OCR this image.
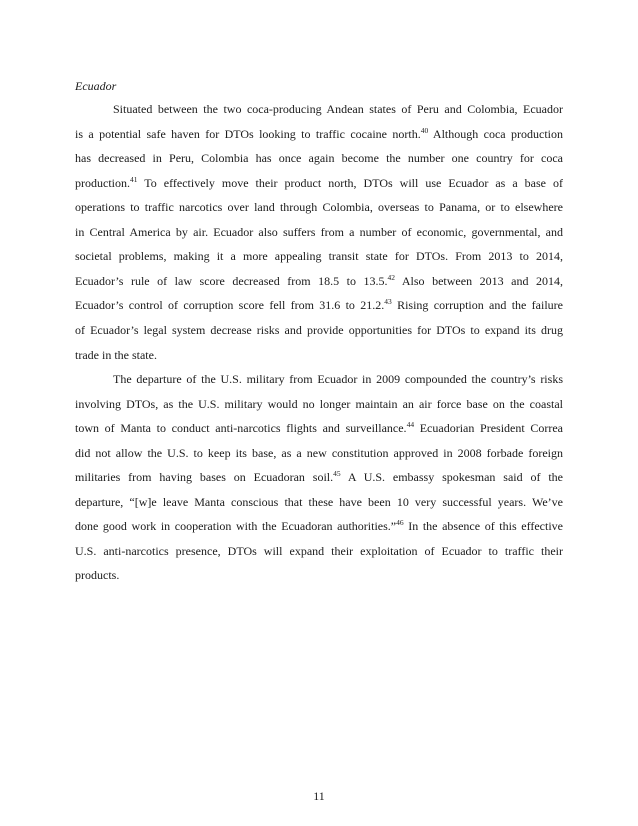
Ecuador

Situated between the two coca-producing Andean states of Peru and Colombia, Ecuador

is a potential safe haven for DTOs looking to traffic cocaine north.$^{40}$ Although coca production

has decreased in Peru, Colombia has once again become the number one country for coca

production.$^{41}$ To effectively move their product north, DTOs will use Ecuador as a base of

operations to traffic narcotics over land through Colombia, overseas to Panama, or to elsewhere

in Central America by air. Ecuador also suffers from a number of economic, governmental, and

societal problems, making it a more appealing transit state for DTOs. From 2013 to 2014,

Ecuador’s rule of law score decreased from 18.5 to 13.5.42 Also between 2013 and 2014,

Ecuador’s control of corruption score fell from 31.6 to 21.2.43 Rising corruption and the failure

of Ecuador’s legal system decrease risks and provide opportunities for DTOs to expand its drug

trade in the state.

The departure of the U.S. military from Ecuador in 2009 compounded the country’s risks

involving DTOs, as the U.S. military would no longer maintain an air force base on the coastal

town of Manta to conduct anti-narcotics flights and surveillance.$^{44}$ Ecuadorian President Correa

did not allow the U.S. to keep its base, as a new constitution approved in 2008 forbade foreign

militaries from having bases on Ecuadoran soil.$^{45}$ A U.S. embassy spokesman said of the

departure, “[w]e leave Manta conscious that these have been 10 very successful years. We’ve

done good work in cooperation with the Ecuadoran authorities.”$^{46}$ In the absence of this effective

U.S. anti-narcotics presence, DTOs will expand their exploitation of Ecuador to traffic their

products.

11
